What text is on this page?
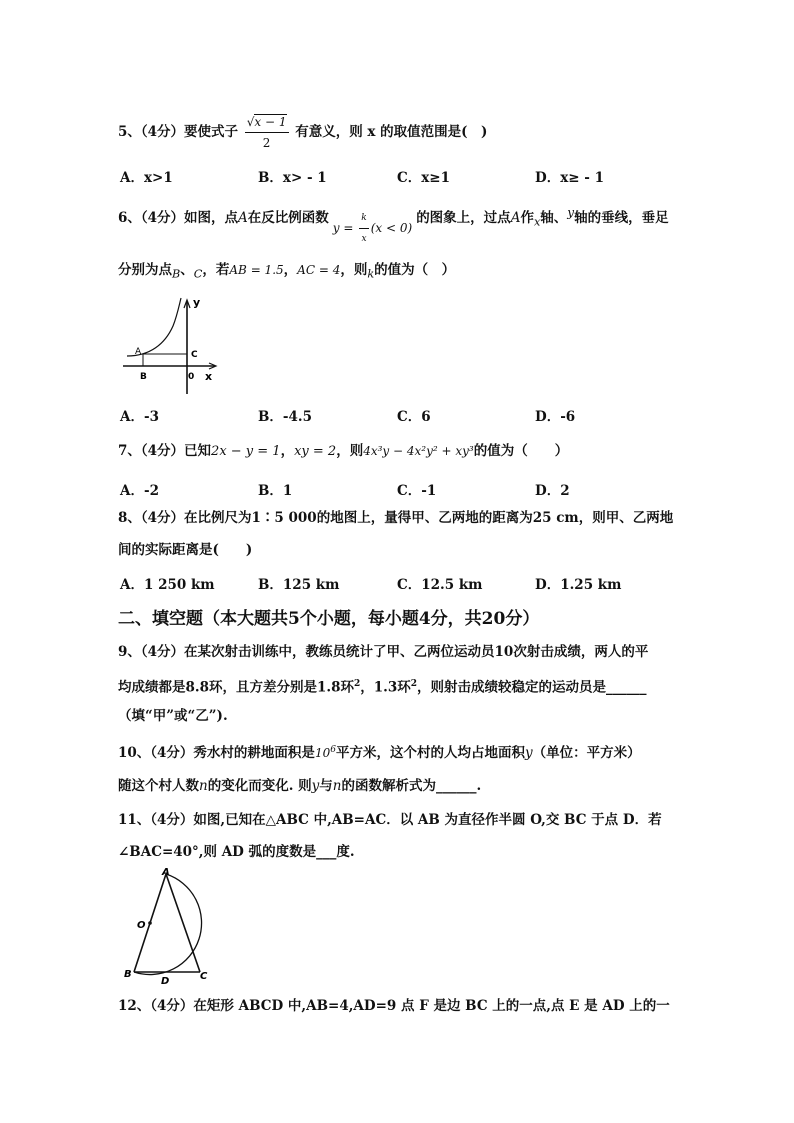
5、（4分）要使式子 $\frac{√x - 1}{2}$ 有意义，则 x 的取值范围是(　)
A．x>1	B．x> - 1	C．x≥1	D．x≥ - 1
6、（4分）如图，点A在反比例函数$y = \frac{k}{x} (x < 0)$的图象上，过点A作$_x$轴、$^y$轴的垂线，垂足
分别为点$_B$、$_C$，若AB = 1.5，AC = 4，则$_k$的值为（　）
A
B
C
0
y
x
A．-3	B．-4.5	C．6	D．-6
7、（4分）已知2x − y = 1，xy = 2，则4x³y − 4x²y² + xy³的值为（　　）
A．-2	B．1	C．-1	D．2
8、（4分）在比例尺为1∶5 000的地图上，量得甲、乙两地的距离为25 cm，则甲、乙两地
间的实际距离是(　　)
A．1 250 km	B．125 km	C．12.5 km	D．1.25 km
二、填空题（本大题共5个小题，每小题4分，共20分）
9、（4分）在某次射击训练中，教练员统计了甲、乙两位运动员10次射击成绩，两人的平
均成绩都是8.8环，且方差分别是1.8环$^2$，1.3环$^2$，则射击成绩较稳定的运动员是______
（填“甲”或“乙”).
10、（4分）秀水村的耕地面积是$10^6$平方米，这个村的人均占地面积y（单位：平方米）
随这个村人数n的变化而变化. 则y与n的函数解析式为______.
11、（4分）如图,已知在△ABC 中,AB=AC．以 AB 为直径作半圆 O,交 BC 于点 D．若
∠BAC=40°,则 AD 弧的度数是___度.
A
O
B
D	C
12、（4分）在矩形 ABCD 中,AB=4,AD=9 点 F 是边 BC 上的一点,点 E 是 AD 上的一
